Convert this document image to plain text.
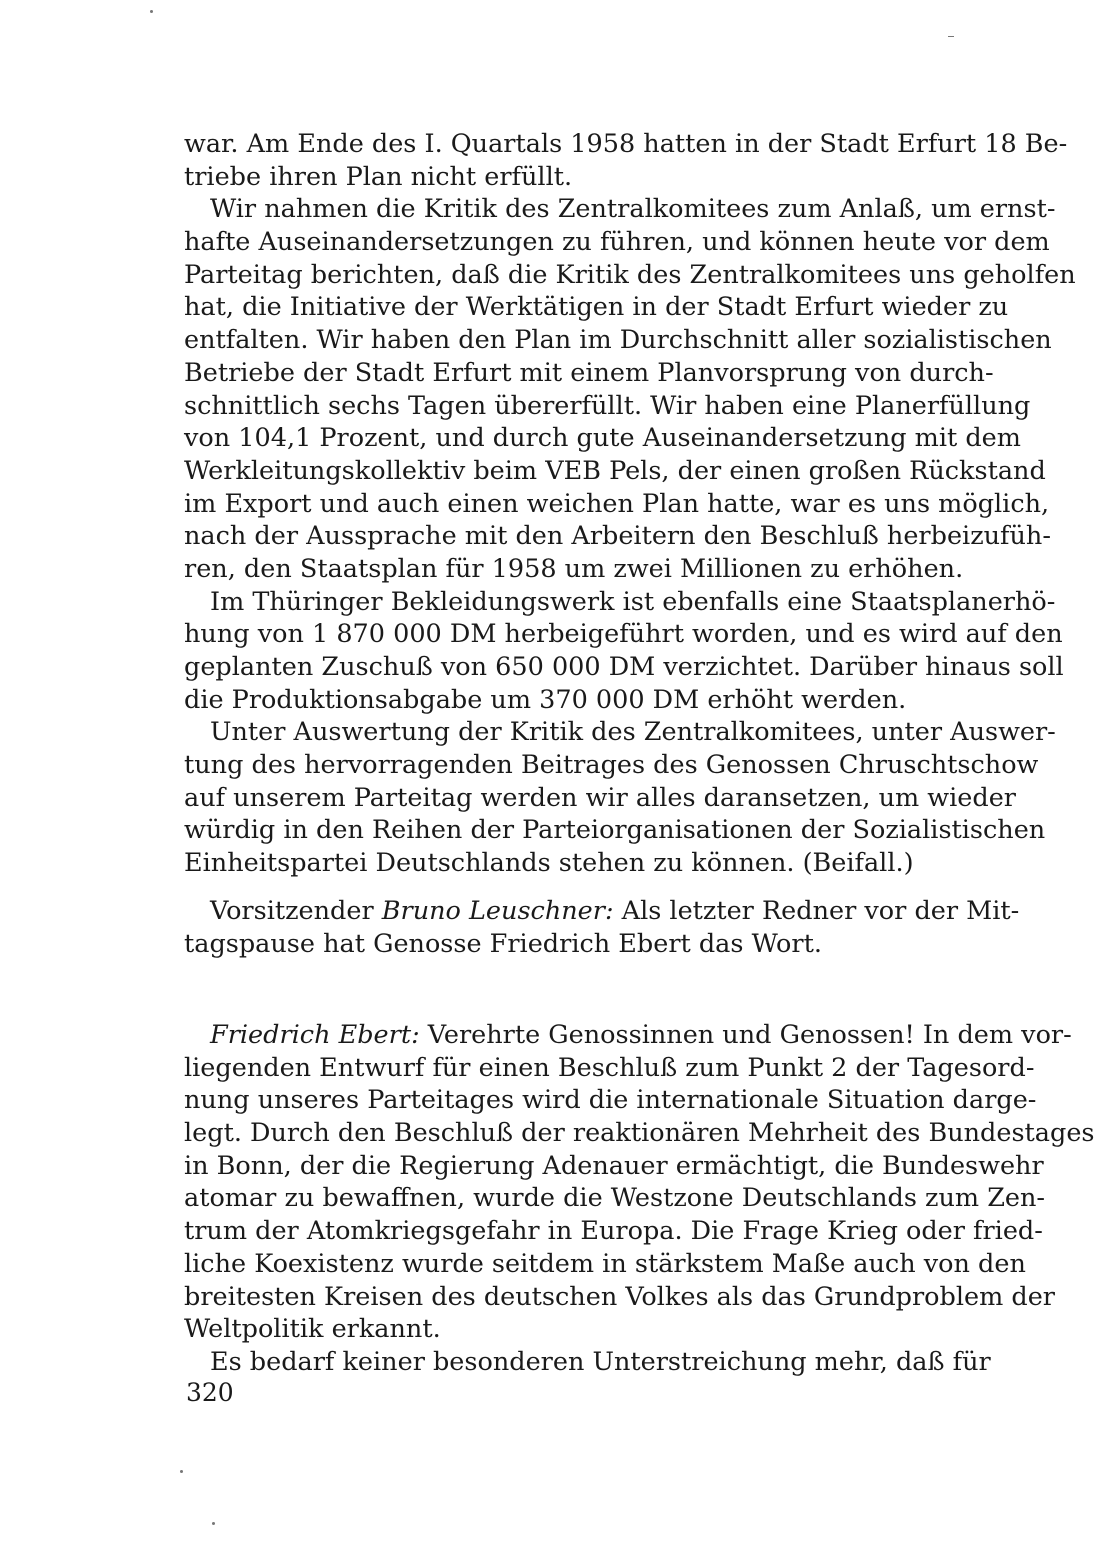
war. Am Ende des I. Quartals 1958 hatten in der Stadt Erfurt 18 Be-
triebe ihren Plan nicht erfüllt.
Wir nahmen die Kritik des Zentralkomitees zum Anlaß, um ernst-
hafte Auseinandersetzungen zu führen, und können heute vor dem
Parteitag berichten, daß die Kritik des Zentralkomitees uns geholfen
hat, die Initiative der Werktätigen in der Stadt Erfurt wieder zu
entfalten. Wir haben den Plan im Durchschnitt aller sozialistischen
Betriebe der Stadt Erfurt mit einem Planvorsprung von durch-
schnittlich sechs Tagen übererfüllt. Wir haben eine Planerfüllung
von 104,1 Prozent, und durch gute Auseinandersetzung mit dem
Werkleitungskollektiv beim VEB Pels, der einen großen Rückstand
im Export und auch einen weichen Plan hatte, war es uns möglich,
nach der Aussprache mit den Arbeitern den Beschluß herbeizufüh-
ren, den Staatsplan für 1958 um zwei Millionen zu erhöhen.
Im Thüringer Bekleidungswerk ist ebenfalls eine Staatsplanerhö-
hung von 1 870 000 DM herbeigeführt worden, und es wird auf den
geplanten Zuschuß von 650 000 DM verzichtet. Darüber hinaus soll
die Produktionsabgabe um 370 000 DM erhöht werden.
Unter Auswertung der Kritik des Zentralkomitees, unter Auswer-
tung des hervorragenden Beitrages des Genossen Chruschtschow
auf unserem Parteitag werden wir alles daransetzen, um wieder
würdig in den Reihen der Parteiorganisationen der Sozialistischen
Einheitspartei Deutschlands stehen zu können. (Beifall.)
Vorsitzender Bruno Leuschner: Als letzter Redner vor der Mit-
tagspause hat Genosse Friedrich Ebert das Wort.
Friedrich Ebert: Verehrte Genossinnen und Genossen! In dem vor-
liegenden Entwurf für einen Beschluß zum Punkt 2 der Tagesord-
nung unseres Parteitages wird die internationale Situation darge-
legt. Durch den Beschluß der reaktionären Mehrheit des Bundestages
in Bonn, der die Regierung Adenauer ermächtigt, die Bundeswehr
atomar zu bewaffnen, wurde die Westzone Deutschlands zum Zen-
trum der Atomkriegsgefahr in Europa. Die Frage Krieg oder fried-
liche Koexistenz wurde seitdem in stärkstem Maße auch von den
breitesten Kreisen des deutschen Volkes als das Grundproblem der
Weltpolitik erkannt.
Es bedarf keiner besonderen Unterstreichung mehr, daß für
320
